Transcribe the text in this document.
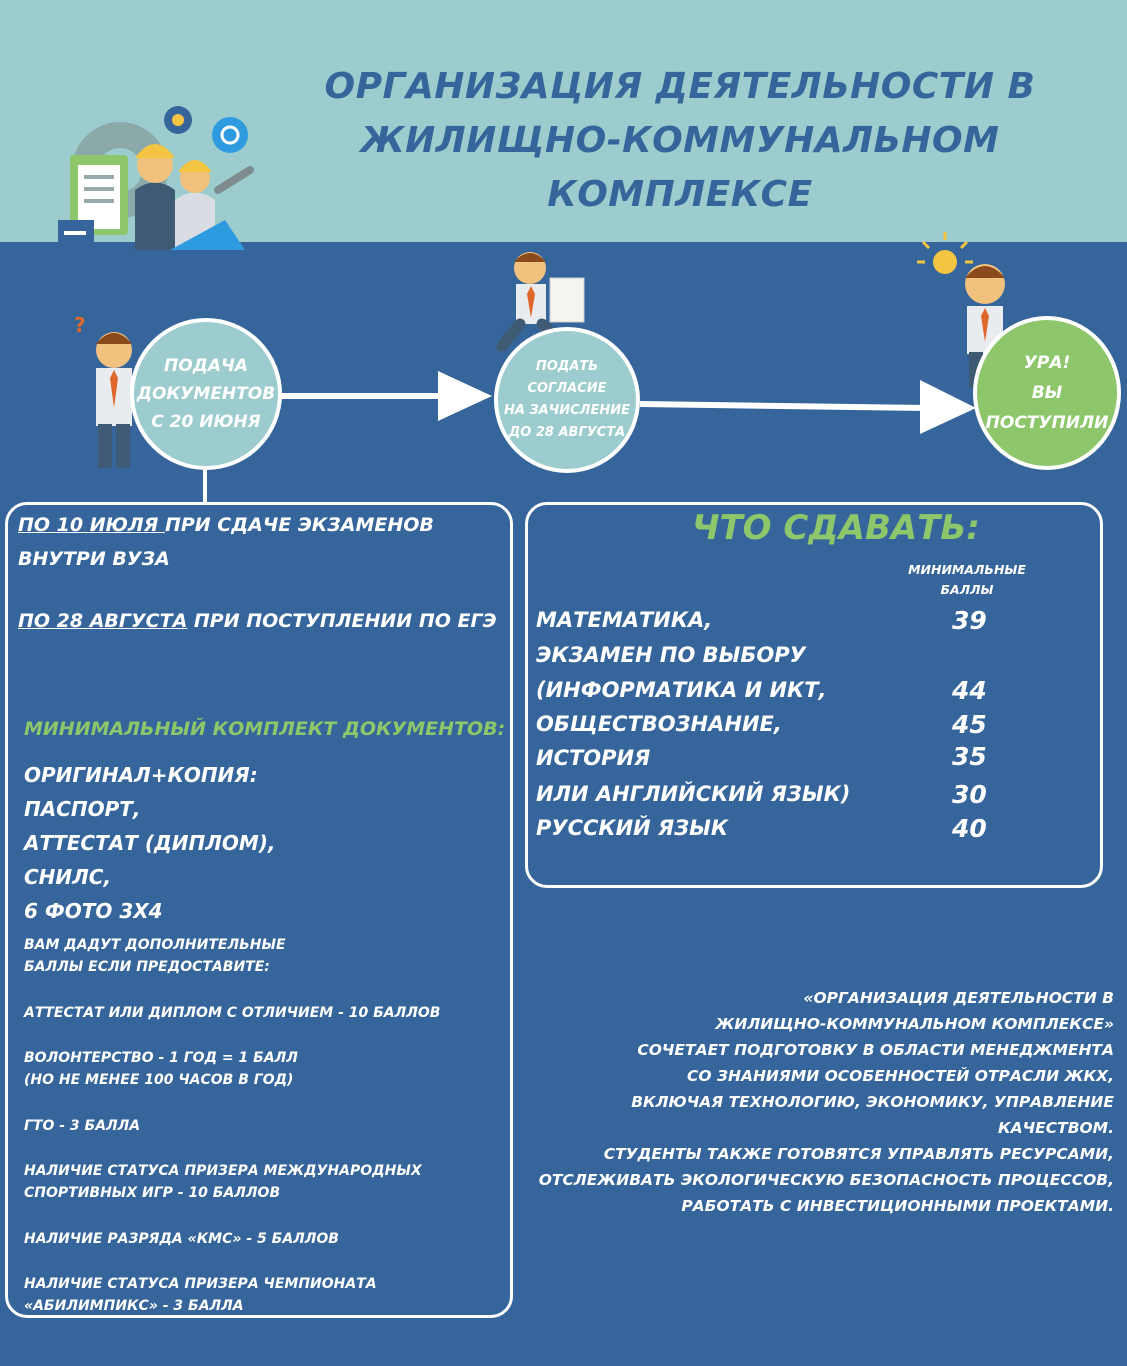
ОРГАНИЗАЦИЯ ДЕЯТЕЛЬНОСТИ В
ЖИЛИЩНО-КОММУНАЛЬНОМ КОМПЛЕКСЕ
?
ПОДАЧА
ДОКУМЕНТОВ
С 20 ИЮНЯ
ПОДАТЬ
СОГЛАСИЕ
НА ЗАЧИСЛЕНИЕ
ДО 28 АВГУСТА
УРА!
ВЫ
ПОСТУПИЛИ
ПО 10 ИЮЛЯ ПРИ СДАЧЕ ЭКЗАМЕНОВ
ВНУТРИ ВУЗА
ПО 28 АВГУСТА ПРИ ПОСТУПЛЕНИИ ПО ЕГЭ
МИНИМАЛЬНЫЙ КОМПЛЕКТ ДОКУМЕНТОВ:
ОРИГИНАЛ+КОПИЯ:
ПАСПОРТ,
АТТЕСТАТ (ДИПЛОМ),
СНИЛС,
6 ФОТО 3Х4
ВАМ ДАДУТ ДОПОЛНИТЕЛЬНЫЕ
БАЛЛЫ ЕСЛИ ПРЕДОСТАВИТЕ:
АТТЕСТАТ ИЛИ ДИПЛОМ С ОТЛИЧИЕМ - 10 БАЛЛОВ
ВОЛОНТЕРСТВО - 1 ГОД = 1 БАЛЛ
(НО НЕ МЕНЕЕ 100 ЧАСОВ В ГОД)
ГТО - 3 БАЛЛА
НАЛИЧИЕ СТАТУСА ПРИЗЕРА МЕЖДУНАРОДНЫХ
СПОРТИВНЫХ ИГР - 10 БАЛЛОВ
НАЛИЧИЕ РАЗРЯДА «КМС» - 5 БАЛЛОВ
НАЛИЧИЕ СТАТУСА ПРИЗЕРА ЧЕМПИОНАТА
«АБИЛИМПИКС» - 3 БАЛЛА
ЧТО СДАВАТЬ:
МИНИМАЛЬНЫЕ
БАЛЛЫ
МАТЕМАТИКА,	39
ЭКЗАМЕН ПО ВЫБОРУ
(ИНФОРМАТИКА И ИКТ,	44
ОБЩЕСТВОЗНАНИЕ,	45
ИСТОРИЯ	35
ИЛИ АНГЛИЙСКИЙ ЯЗЫК)	30
РУССКИЙ ЯЗЫК	40
«ОРГАНИЗАЦИЯ ДЕЯТЕЛЬНОСТИ В
ЖИЛИЩНО-КОММУНАЛЬНОМ КОМПЛЕКСЕ»
СОЧЕТАЕТ ПОДГОТОВКУ В ОБЛАСТИ МЕНЕДЖМЕНТА
СО ЗНАНИЯМИ ОСОБЕННОСТЕЙ ОТРАСЛИ ЖКХ,
ВКЛЮЧАЯ ТЕХНОЛОГИЮ, ЭКОНОМИКУ, УПРАВЛЕНИЕ КАЧЕСТВОМ.
СТУДЕНТЫ ТАКЖЕ ГОТОВЯТСЯ УПРАВЛЯТЬ РЕСУРСАМИ,
ОТСЛЕЖИВАТЬ ЭКОЛОГИЧЕСКУЮ БЕЗОПАСНОСТЬ ПРОЦЕССОВ,
РАБОТАТЬ С ИНВЕСТИЦИОННЫМИ ПРОЕКТАМИ.
